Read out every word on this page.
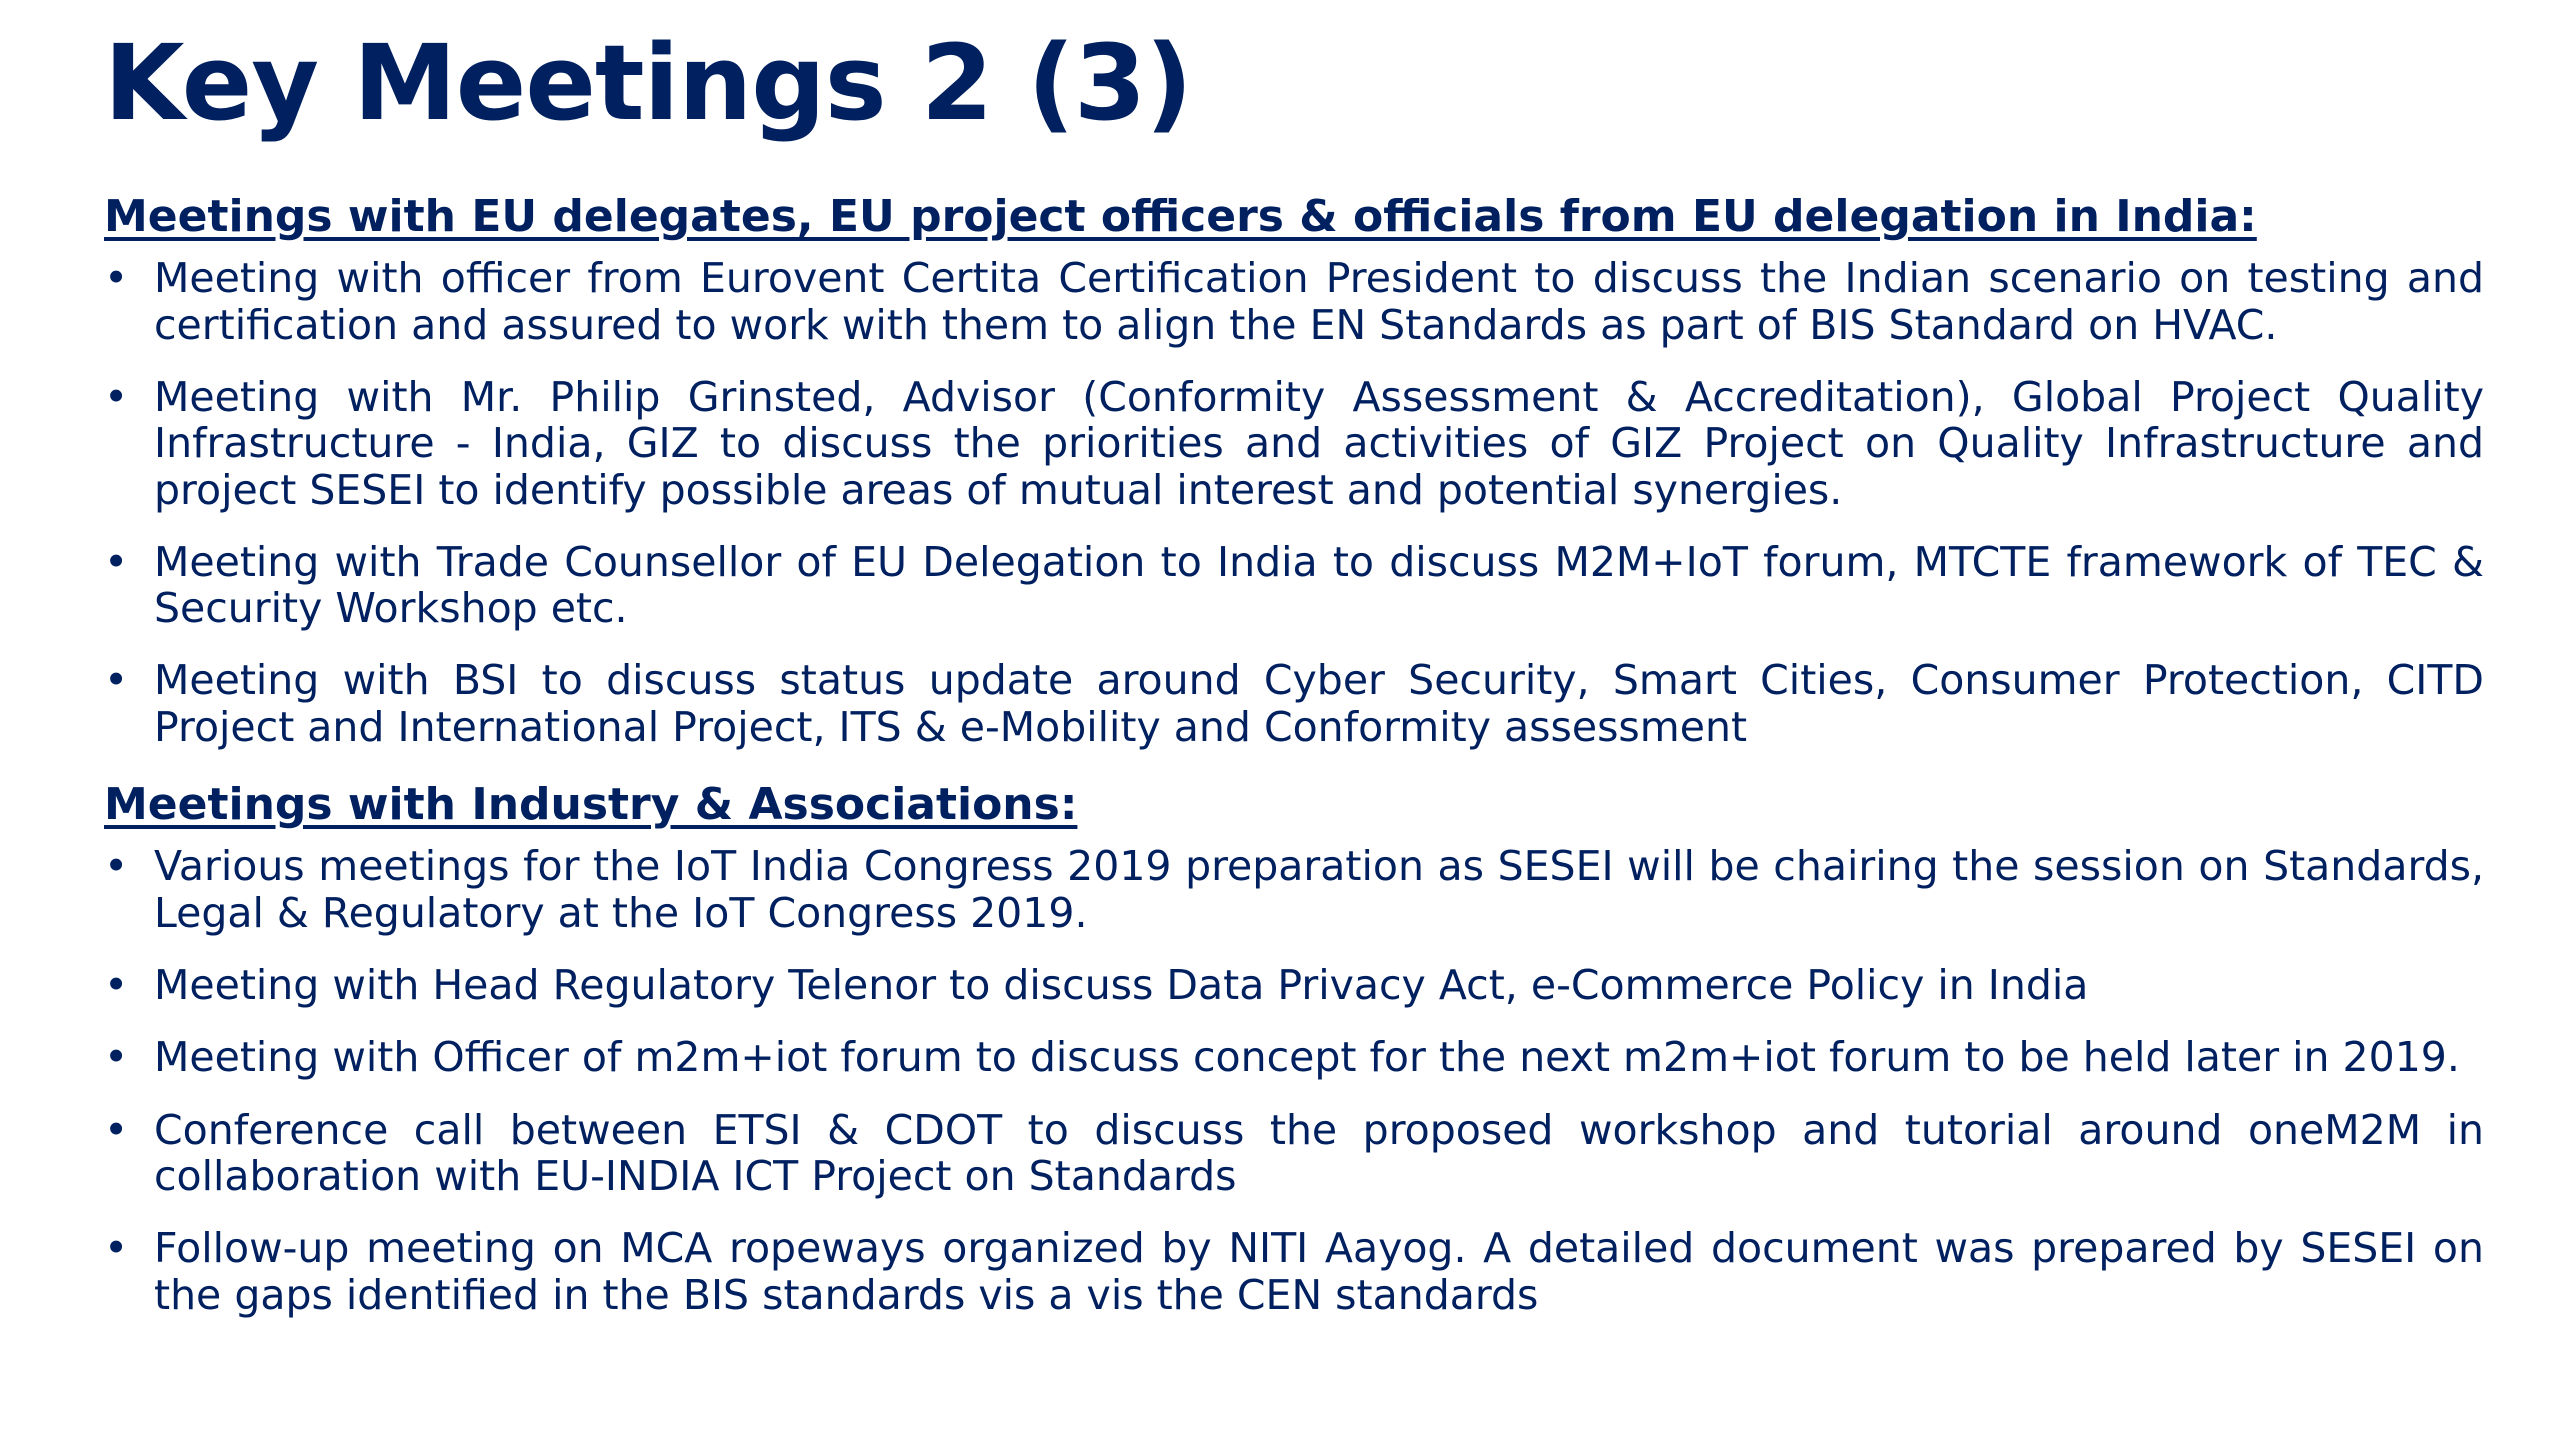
Key Meetings 2 (3)
Meetings with EU delegates, EU project officers & officials from EU delegation in India:
• Meeting with officer from Eurovent Certita Certification President to discuss the Indian scenario on testing and certification and assured to work with them to align the EN Standards as part of BIS Standard on HVAC.
• Meeting with Mr. Philip Grinsted, Advisor (Conformity Assessment & Accreditation), Global Project Quality Infrastructure - India, GIZ to discuss the priorities and activities of GIZ Project on Quality Infrastructure and project SESEI to identify possible areas of mutual interest and potential synergies.
• Meeting with Trade Counsellor of EU Delegation to India to discuss M2M+IoT forum, MTCTE framework of TEC & Security Workshop etc.
• Meeting with BSI to discuss status update around Cyber Security, Smart Cities, Consumer Protection, CITD Project and International Project, ITS & e-Mobility and Conformity assessment
Meetings with Industry & Associations:
• Various meetings for the IoT India Congress 2019 preparation as SESEI will be chairing the session on Standards, Legal & Regulatory at the IoT Congress 2019.
• Meeting with Head Regulatory Telenor to discuss Data Privacy Act, e-Commerce Policy in India
• Meeting with Officer of m2m+iot forum to discuss concept for the next m2m+iot forum to be held later in 2019.
• Conference call between ETSI & CDOT to discuss the proposed workshop and tutorial around oneM2M in collaboration with EU-INDIA ICT Project on Standards
• Follow-up meeting on MCA ropeways organized by NITI Aayog. A detailed document was prepared by SESEI on the gaps identified in the BIS standards vis a vis the CEN standards
